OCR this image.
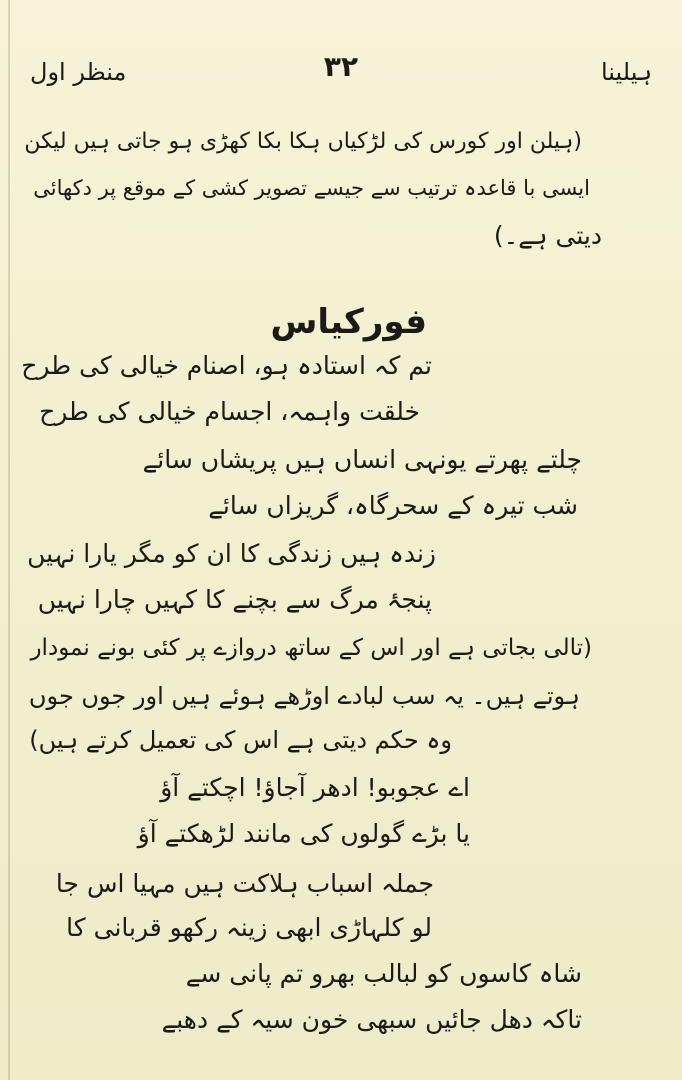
ہیلینا
۳۲
منظر اول
(ہیلن اور کورس کی لڑکیاں ہکا بکا کھڑی ہو جاتی ہیں لیکن
ایسی با قاعدہ ترتیب سے جیسے تصویر کشی کے موقع پر دکھائی
دیتی ہے۔)
فورکیاس
تم کہ استادہ ہو، اصنام خیالی کی طرح
خلقت واہمہ، اجسام خیالی کی طرح
چلتے پھرتے یونہی انساں ہیں پریشاں سائے
شب تیرہ کے سحرگاہ، گریزاں سائے
زندہ ہیں زندگی کا ان کو مگر یارا نہیں
پنجۂ مرگ سے بچنے کا کہیں چارا نہیں
(تالی بجاتی ہے اور اس کے ساتھ دروازے پر کئی بونے نمودار
ہوتے ہیں۔ یہ سب لبادے اوڑھے ہوئے ہیں اور جوں جوں
وہ حکم دیتی ہے اس کی تعمیل کرتے ہیں)
اے عجوبو! ادھر آجاؤ! اچکتے آؤ
یا بڑے گولوں کی مانند لڑھکتے آؤ
جملہ اسباب ہلاکت ہیں مہیا اس جا
لو کلہاڑی ابھی زینہ رکھو قربانی کا
شاہ کاسوں کو لبالب بھرو تم پانی سے
تاکہ دھل جائیں سبھی خون سیہ کے دھبے
